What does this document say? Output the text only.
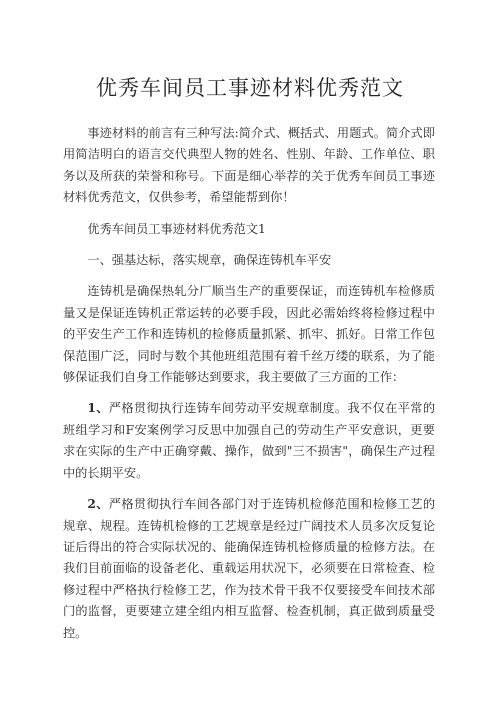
优秀车间员工事迹材料优秀范文

事迹材料的前言有三种写法:简介式、概括式、用题式。简介式即用简洁明白的语言交代典型人物的姓名、性别、年龄、工作单位、职务以及所获的荣誉和称号。下面是细心举荐的关于优秀车间员工事迹材料优秀范文，仅供参考，希望能帮到你！

优秀车间员工事迹材料优秀范文1

一、强基达标，落实规章，确保连铸机车平安

连铸机是确保热轧分厂顺当生产的重要保证，而连铸机车检修质量又是保证连铸机正常运转的必要手段，因此必需始终将检修过程中的平安生产工作和连铸机的检修质量抓紧、抓牢、抓好。日常工作包保范围广泛，同时与数个其他班组范围有着千丝万缕的联系，为了能够保证我们自身工作能够达到要求，我主要做了三方面的工作：

1、严格贯彻执行连铸车间劳动平安规章制度。我不仅在平常的班组学习和F安案例学习反思中加强自己的劳动生产平安意识，更要求在实际的生产中正确穿戴、操作，做到"三不损害"，确保生产过程中的长期平安。

2、严格贯彻执行车间各部门对于连铸机检修范围和检修工艺的规章、规程。连铸机检修的工艺规章是经过广阔技术人员多次反复论证后得出的符合实际状况的、能确保连铸机检修质量的检修方法。在我们目前面临的设备老化、重载运用状况下，必须要在日常检查、检修过程中严格执行检修工艺，作为技术骨干我不仅要接受车间技术部门的监督，更要建立建全组内相互监督、检查机制，真正做到质量受控。
